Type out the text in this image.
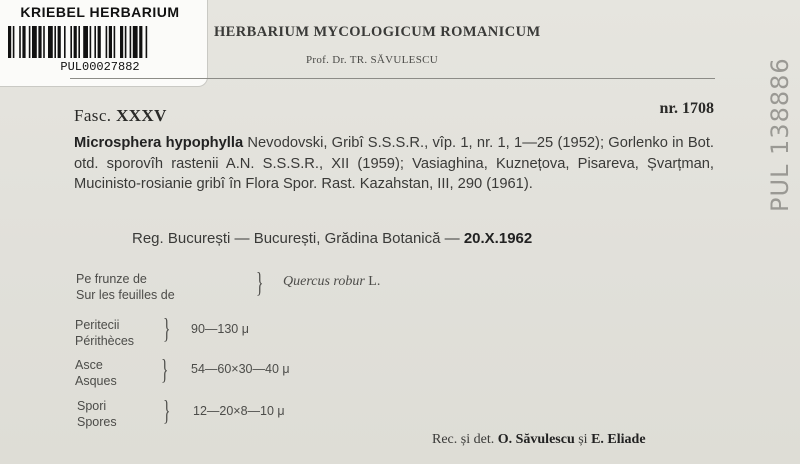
KRIEBEL HERBARIUM
PUL00027882
HERBARIUM MYCOLOGICUM ROMANICUM
Prof. Dr. TR. SĂVULESCU
Fasc. XXXV	nr. 1708
Microsphera hypophylla Nevodovski, Gribî S.S.S.R., vîp. 1, nr. 1, 1—25 (1952); Gorlenko in Bot. otd. sporovîh rastenii A.N. S.S.S.R., XII (1959); Vasiaghina, Kuznețova, Pisareva, Șvarțman, Mucinisto-rosianie gribî în Flora Spor. Rast. Kazahstan, III, 290 (1961).
Reg. București — București, Grădina Botanică — 20.X.1962
Pe frunze de
Sur les feuilles de	} Quercus robur L.
Peritecii
Périthèces } 90—130 μ
Asce
Asques } 54—60×30—40 μ
Spori
Spores } 12—20×8—10 μ
Rec. și det. O. Săvulescu și E. Eliade
PUL 138886
